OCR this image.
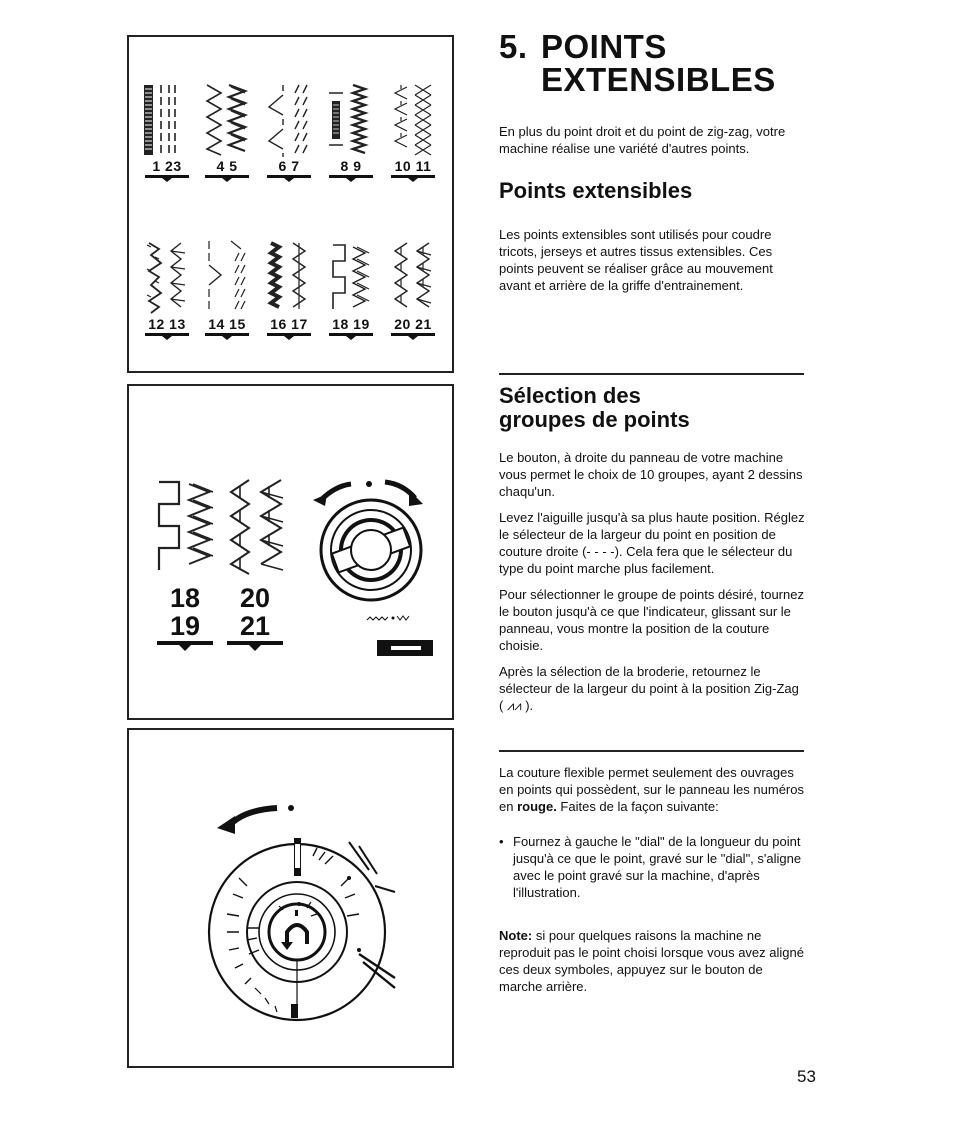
1 23	4 5	6 7	8 9	10 11
12 13	14 15	16 17	18 19	20 21
18 19
20 21
5. POINTS
EXTENSIBLES

En plus du point droit et du point de zig-zag, votre machine réalise une variété d'autres points.

Points extensibles

Les points extensibles sont utilisés pour coudre tricots, jerseys et autres tissus extensibles. Ces points peuvent se réaliser grâce au mouvement avant et arrière de la griffe d'entrainement.

Sélection des
groupes de points

Le bouton, à droite du panneau de votre machine vous permet le choix de 10 groupes, ayant 2 dessins chaqu'un.

Levez l'aiguille jusqu'à sa plus haute position. Réglez le sélecteur de la largeur du point en position de couture droite (- - - -). Cela fera que le sélecteur du type du point marche plus facilement.

Pour sélectionner le groupe de points désiré, tournez le bouton jusqu'à ce que l'indicateur, glissant sur le panneau, vous montre la position de la couture choisie.

Après la sélection de la broderie, retournez le sélecteur de la largeur du point à la position Zig-Zag ( ⩘⩘ ).

La couture flexible permet seulement des ouvrages en points qui possèdent, sur le panneau les numéros en rouge. Faites de la façon suivante:

• Fournez à gauche le "dial" de la longueur du point jusqu'à ce que le point, gravé sur le "dial", s'aligne avec le point gravé sur la machine, d'après l'illustration.

Note: si pour quelques raisons la machine ne reproduit pas le point choisi lorsque vous avez aligné ces deux symboles, appuyez sur le bouton de marche arrière.

53
